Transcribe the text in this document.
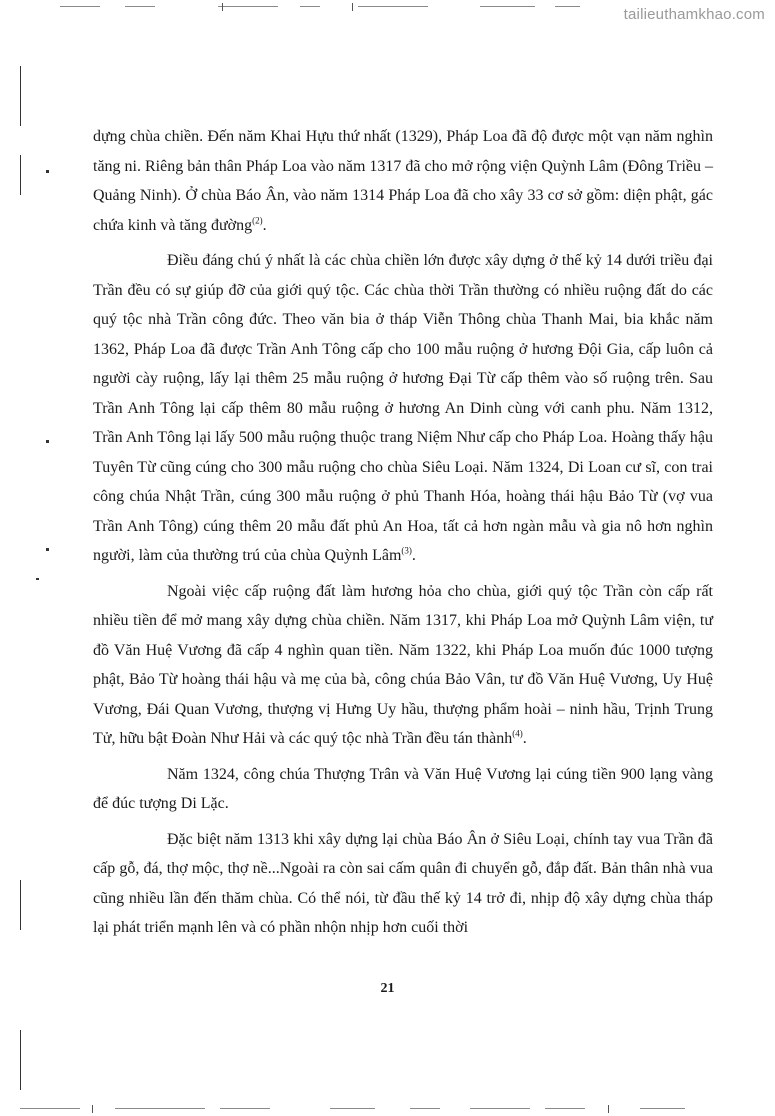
tailieuthamkhao.com

dựng chùa chiền. Đến năm Khai Hựu thứ nhất (1329), Pháp Loa đã độ được một vạn năm nghìn tăng ni. Riêng bản thân Pháp Loa vào năm 1317 đã cho mở rộng viện Quỳnh Lâm (Đông Triều – Quảng Ninh). Ở chùa Báo Ân, vào năm 1314 Pháp Loa đã cho xây 33 cơ sở gồm: diện phật, gác chứa kinh và tăng đường$^{(2)}$.

Điều đáng chú ý nhất là các chùa chiền lớn được xây dựng ở thế kỷ 14 dưới triều đại Trần đều có sự giúp đỡ của giới quý tộc. Các chùa thời Trần thường có nhiều ruộng đất do các quý tộc nhà Trần công đức. Theo văn bia ở tháp Viễn Thông chùa Thanh Mai, bia khắc năm 1362, Pháp Loa đã được Trần Anh Tông cấp cho 100 mẫu ruộng ở hương Đội Gia, cấp luôn cả người cày ruộng, lấy lại thêm 25 mẫu ruộng ở hương Đại Từ cấp thêm vào số ruộng trên. Sau Trần Anh Tông lại cấp thêm 80 mẫu ruộng ở hương An Dinh cùng với canh phu. Năm 1312, Trần Anh Tông lại lấy 500 mẫu ruộng thuộc trang Niệm Như cấp cho Pháp Loa. Hoàng thấy hậu Tuyên Từ cũng cúng cho 300 mẫu ruộng cho chùa Siêu Loại. Năm 1324, Di Loan cư sĩ, con trai công chúa Nhật Trần, cúng 300 mẫu ruộng ở phủ Thanh Hóa, hoàng thái hậu Bảo Từ (vợ vua Trần Anh Tông) cúng thêm 20 mẫu đất phủ An Hoa, tất cả hơn ngàn mẫu và gia nô hơn nghìn người, làm của thường trú của chùa Quỳnh Lâm$^{(3)}$.

Ngoài việc cấp ruộng đất làm hương hỏa cho chùa, giới quý tộc Trần còn cấp rất nhiều tiền để mở mang xây dựng chùa chiền. Năm 1317, khi Pháp Loa mở Quỳnh Lâm viện, tư đồ Văn Huệ Vương đã cấp 4 nghìn quan tiền. Năm 1322, khi Pháp Loa muốn đúc 1000 tượng phật, Bảo Từ hoàng thái hậu và mẹ của bà, công chúa Bảo Vân, tư đồ Văn Huệ Vương, Uy Huệ Vương, Đái Quan Vương, thượng vị Hưng Uy hầu, thượng phẩm hoài – ninh hầu, Trịnh Trung Tử, hữu bật Đoàn Như Hải và các quý tộc nhà Trần đều tán thành$^{(4)}$.

Năm 1324, công chúa Thượng Trân và Văn Huệ Vương lại cúng tiền 900 lạng vàng để đúc tượng Di Lặc.

Đặc biệt năm 1313 khi xây dựng lại chùa Báo Ân ở Siêu Loại, chính tay vua Trần đã cấp gỗ, đá, thợ mộc, thợ nề...Ngoài ra còn sai cấm quân đi chuyển gỗ, đắp đất. Bản thân nhà vua cũng nhiều lần đến thăm chùa. Có thể nói, từ đầu thế kỷ 14 trở đi, nhịp độ xây dựng chùa tháp lại phát triển mạnh lên và có phần nhộn nhịp hơn cuối thời

21
